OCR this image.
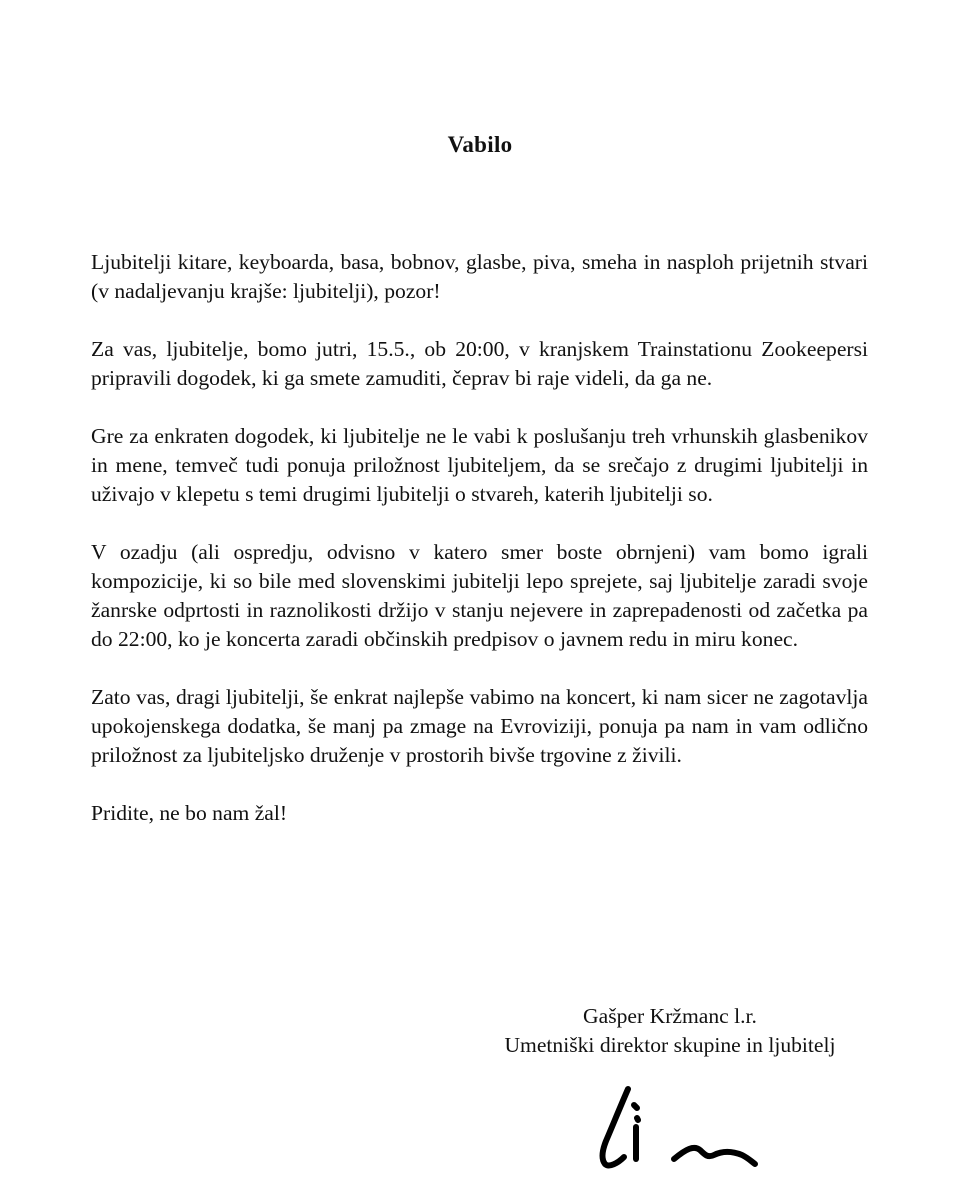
Vabilo

Ljubitelji kitare, keyboarda, basa, bobnov, glasbe, piva, smeha in nasploh prijetnih stvari (v nadaljevanju krajše: ljubitelji), pozor!

Za vas, ljubitelje, bomo jutri, 15.5., ob 20:00, v kranjskem Trainstationu Zookeepersi pripravili dogodek, ki ga smete zamuditi, čeprav bi raje videli, da ga ne.

Gre za enkraten dogodek, ki ljubitelje ne le vabi k poslušanju treh vrhunskih glasbenikov in mene, temveč tudi ponuja priložnost ljubiteljem, da se srečajo z drugimi ljubitelji in uživajo v klepetu s temi drugimi ljubitelji o stvareh, katerih ljubitelji so.

V ozadju (ali ospredju, odvisno v katero smer boste obrnjeni) vam bomo igrali kompozicije, ki so bile med slovenskimi jubitelji lepo sprejete, saj ljubitelje zaradi svoje žanrske odprtosti in raznolikosti držijo v stanju nejevere in zaprepadenosti od začetka pa do 22:00, ko je koncerta zaradi občinskih predpisov o javnem redu in miru konec.

Zato vas, dragi ljubitelji, še enkrat najlepše vabimo na koncert, ki nam sicer ne zagotavlja upokojenskega dodatka, še manj pa zmage na Evroviziji, ponuja pa nam in vam odlično priložnost za ljubiteljsko druženje v prostorih bivše trgovine z živili.

Pridite, ne bo nam žal!

Gašper Kržmanc l.r.
Umetniški direktor skupine in ljubitelj
